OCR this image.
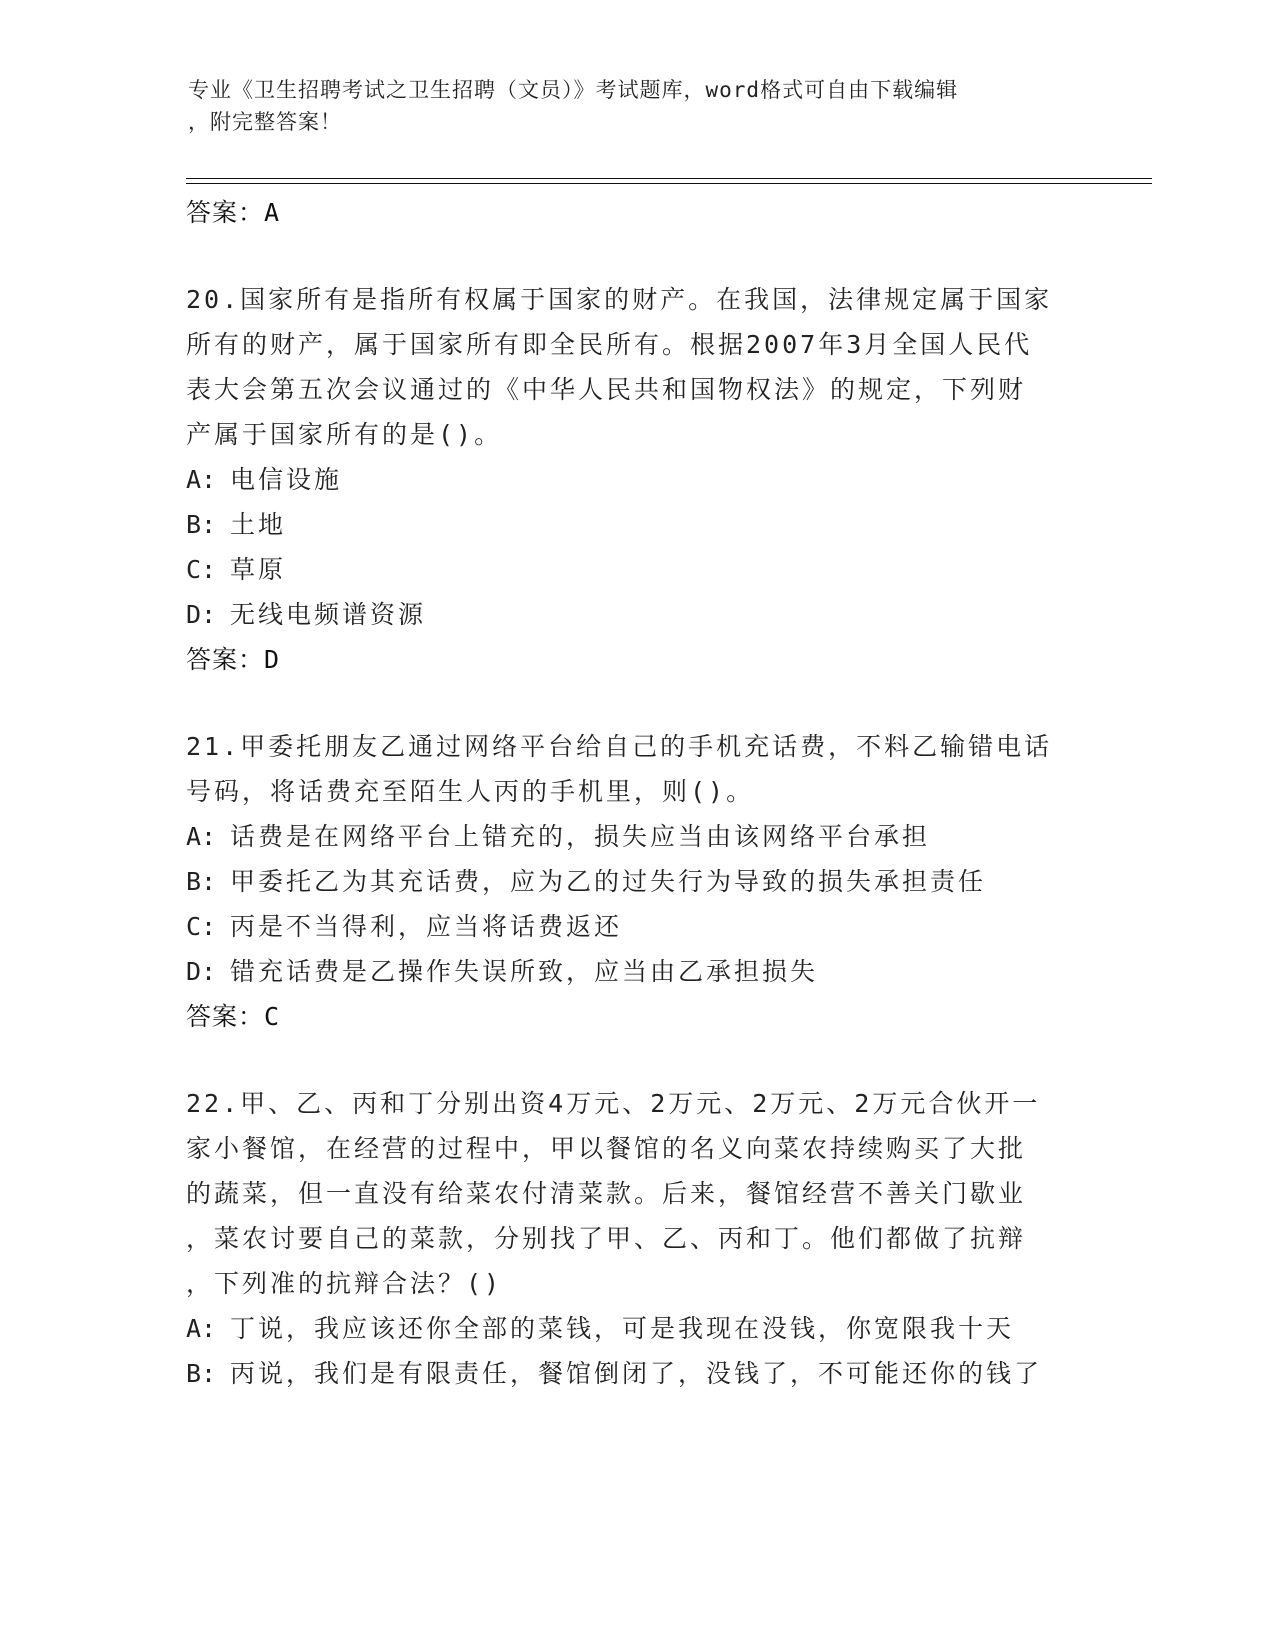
专业《卫生招聘考试之卫生招聘（文员）》考试题库，word格式可自由下载编辑
，附完整答案！
答案：A
20.国家所有是指所有权属于国家的财产。在我国，法律规定属于国家
所有的财产，属于国家所有即全民所有。根据2007年3月全国人民代
表大会第五次会议通过的《中华人民共和国物权法》的规定，下列财
产属于国家所有的是()。
A: 电信设施
B: 土地
C: 草原
D: 无线电频谱资源
答案：D
21.甲委托朋友乙通过网络平台给自己的手机充话费，不料乙输错电话
号码，将话费充至陌生人丙的手机里，则()。
A: 话费是在网络平台上错充的，损失应当由该网络平台承担
B: 甲委托乙为其充话费，应为乙的过失行为导致的损失承担责任
C: 丙是不当得利，应当将话费返还
D: 错充话费是乙操作失误所致，应当由乙承担损失
答案：C
22.甲、乙、丙和丁分别出资4万元、2万元、2万元、2万元合伙开一
家小餐馆，在经营的过程中，甲以餐馆的名义向菜农持续购买了大批
的蔬菜，但一直没有给菜农付清菜款。后来，餐馆经营不善关门歇业
，菜农讨要自己的菜款，分别找了甲、乙、丙和丁。他们都做了抗辩
，下列准的抗辩合法？()
A: 丁说，我应该还你全部的菜钱，可是我现在没钱，你宽限我十天
B: 丙说，我们是有限责任，餐馆倒闭了，没钱了，不可能还你的钱了
